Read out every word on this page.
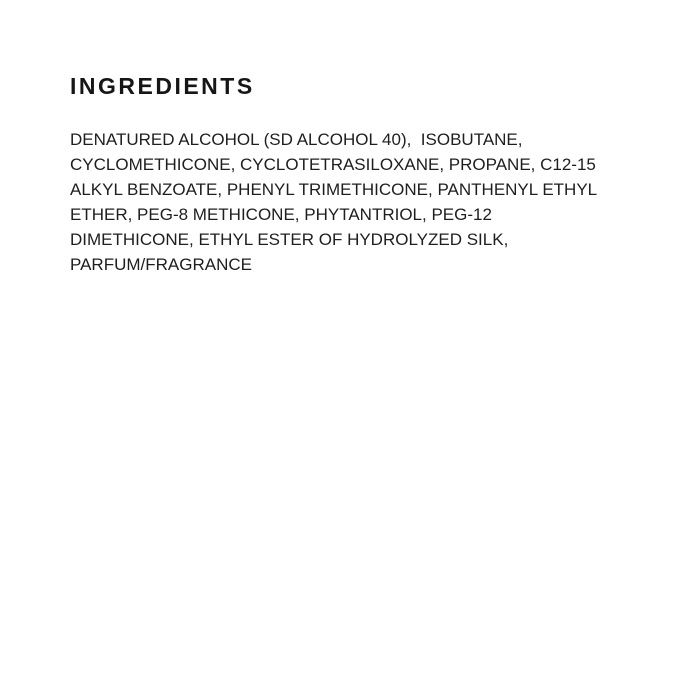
INGREDIENTS
DENATURED ALCOHOL (SD ALCOHOL 40),  ISOBUTANE,
CYCLOMETHICONE, CYCLOTETRASILOXANE, PROPANE, C12-15
ALKYL BENZOATE, PHENYL TRIMETHICONE, PANTHENYL ETHYL
ETHER, PEG-8 METHICONE, PHYTANTRIOL, PEG-12
DIMETHICONE, ETHYL ESTER OF HYDROLYZED SILK,
PARFUM/FRAGRANCE
